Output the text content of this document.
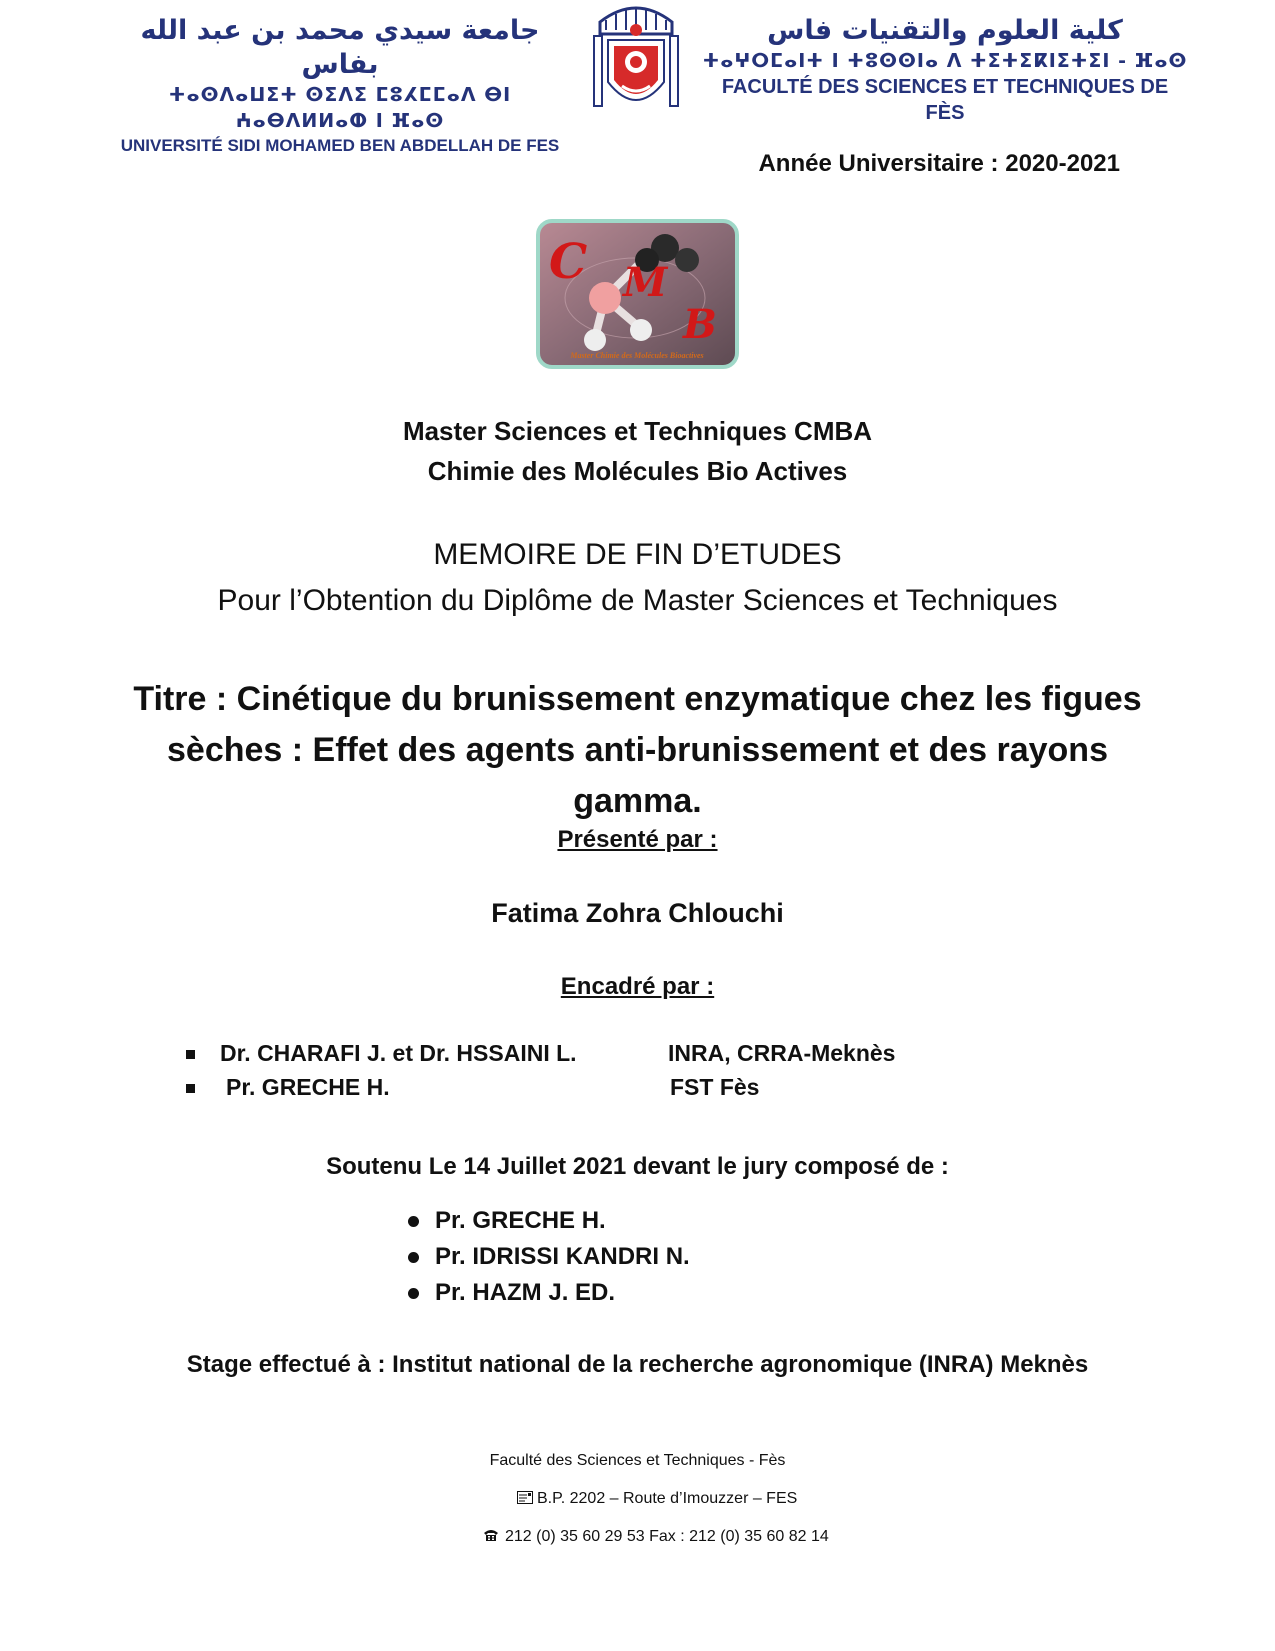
جامعة سيدي محمد بن عبد الله بفاس
ⵜⴰⵙⴷⴰⵡⵉⵜ ⵙⵉⴷⵉ ⵎⵓⵃⵎⵎⴰⴷ ⴱⵏ ⵄⴰⴱⴷⵍⵍⴰⵀ ⵏ ⴼⴰⵙ
UNIVERSITÉ SIDI MOHAMED BEN ABDELLAH DE FES
كلية العلوم والتقنيات فاس
ⵜⴰⵖⵔⵎⴰⵏⵜ ⵏ ⵜⵓⵙⵙⵏⴰ ⴷ ⵜⵉⵜⵉⴽⵏⵉⵜⵉⵏ - ⴼⴰⵙ
FACULTÉ DES SCIENCES ET TECHNIQUES DE FÈS
Année Universitaire : 2020-2021
C M
B
Master Chimie des Molécules Bioactives
Master Sciences et Techniques CMBA
Chimie des Molécules Bio Actives
MEMOIRE DE FIN D’ETUDES
Pour l’Obtention du Diplôme de Master Sciences et Techniques
Titre : Cinétique du brunissement enzymatique chez les figues sèches : Effet des agents anti-brunissement et des rayons gamma.
Présenté par :
Fatima Zohra Chlouchi
Encadré par :
Dr. CHARAFI J. et Dr. HSSAINI L.	INRA, CRRA-Meknès
Pr. GRECHE H.	FST Fès
Soutenu Le 14 Juillet 2021 devant le jury composé de :
Pr. GRECHE H.
Pr. IDRISSI KANDRI N.
Pr. HAZM J. ED.
Stage effectué à : Institut national de la recherche agronomique (INRA) Meknès
Faculté des Sciences et Techniques - Fès
B.P. 2202 – Route d’Imouzzer – FES
212 (0) 35 60 29 53 Fax : 212 (0) 35 60 82 14
